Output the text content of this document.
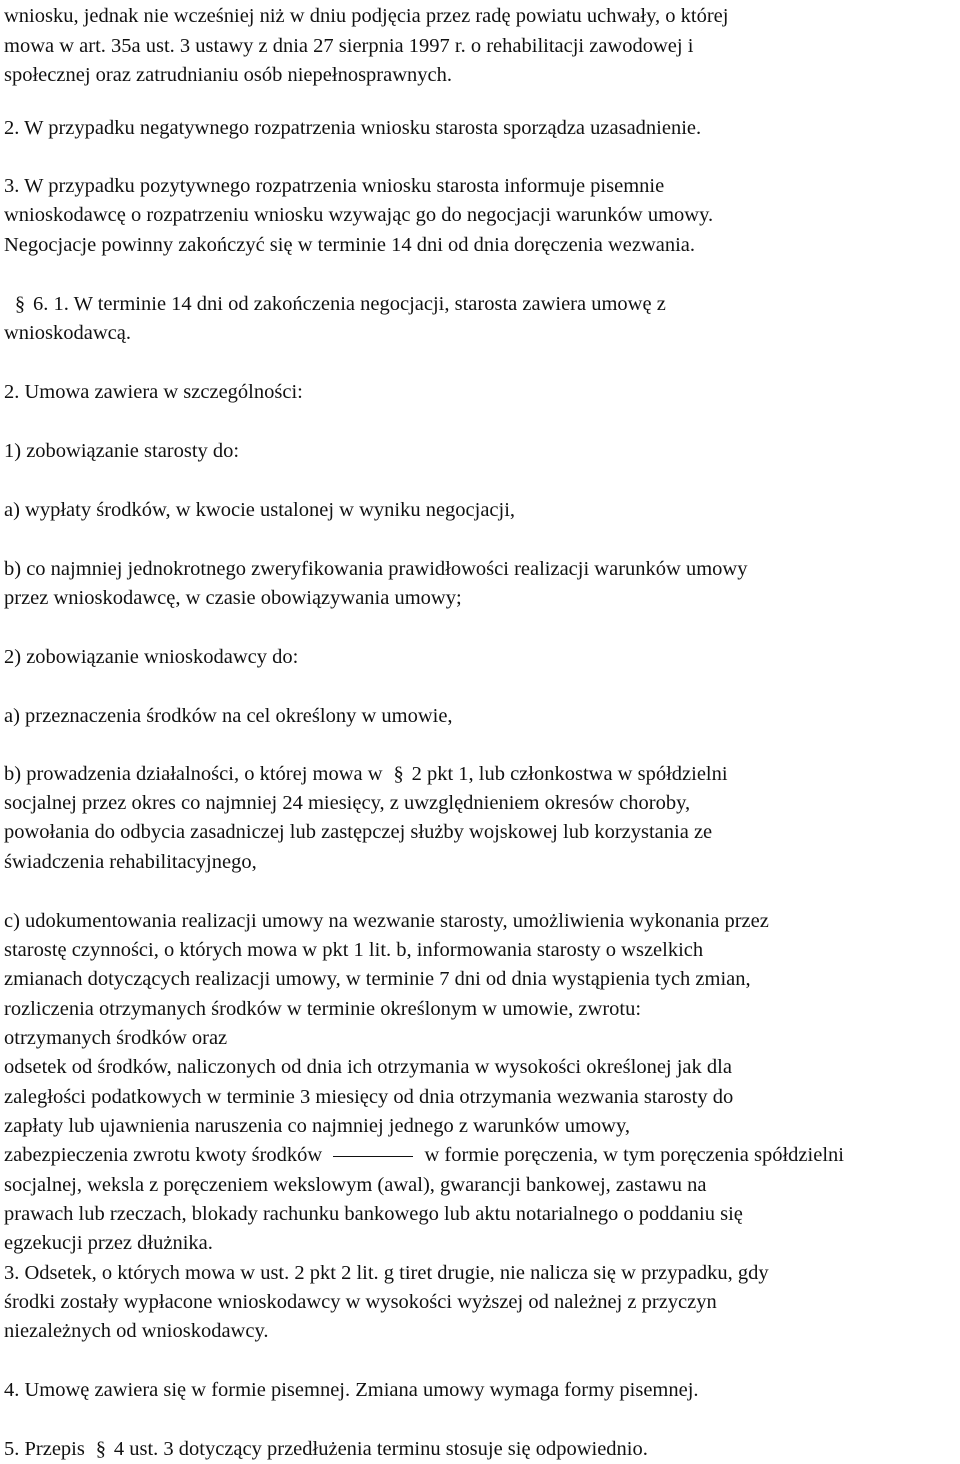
wniosku, jednak nie wcześniej niż w dniu podjęcia przez radę powiatu uchwały, o której
mowa w art. 35a ust. 3 ustawy z dnia 27 sierpnia 1997 r. o rehabilitacji zawodowej i
społecznej oraz zatrudnianiu osób niepełnosprawnych.
2. W przypadku negatywnego rozpatrzenia wniosku starosta sporządza uzasadnienie.
3. W przypadku pozytywnego rozpatrzenia wniosku starosta informuje pisemnie
wnioskodawcę o rozpatrzeniu wniosku wzywając go do negocjacji warunków umowy.
Negocjacje powinny zakończyć się w terminie 14 dni od dnia doręczenia wezwania.
§ 6. 1. W terminie 14 dni od zakończenia negocjacji, starosta zawiera umowę z
wnioskodawcą.
2. Umowa zawiera w szczególności:
1) zobowiązanie starosty do:
a) wypłaty środków, w kwocie ustalonej w wyniku negocjacji,
b) co najmniej jednokrotnego zweryfikowania prawidłowości realizacji warunków umowy
przez wnioskodawcę, w czasie obowiązywania umowy;
2) zobowiązanie wnioskodawcy do:
a) przeznaczenia środków na cel określony w umowie,
b) prowadzenia działalności, o której mowa w § 2 pkt 1, lub członkostwa w spółdzielni
socjalnej przez okres co najmniej 24 miesięcy, z uwzględnieniem okresów choroby,
powołania do odbycia zasadniczej lub zastępczej służby wojskowej lub korzystania ze
świadczenia rehabilitacyjnego,
c) udokumentowania realizacji umowy na wezwanie starosty, umożliwienia wykonania przez
starostę czynności, o których mowa w pkt 1 lit. b, informowania starosty o wszelkich
zmianach dotyczących realizacji umowy, w terminie 7 dni od dnia wystąpienia tych zmian,
rozliczenia otrzymanych środków w terminie określonym w umowie, zwrotu:
otrzymanych środków oraz
odsetek od środków, naliczonych od dnia ich otrzymania w wysokości określonej jak dla
zaległości podatkowych w terminie 3 miesięcy od dnia otrzymania wezwania starosty do
zapłaty lub ujawnienia naruszenia co najmniej jednego z warunków umowy,
zabezpieczenia zwrotu kwoty środków	w formie poręczenia, w tym poręczenia spółdzielni
socjalnej, weksla z poręczeniem wekslowym (awal), gwarancji bankowej, zastawu na
prawach lub rzeczach, blokady rachunku bankowego lub aktu notarialnego o poddaniu się
egzekucji przez dłużnika.
3. Odsetek, o których mowa w ust. 2 pkt 2 lit. g tiret drugie, nie nalicza się w przypadku, gdy
środki zostały wypłacone wnioskodawcy w wysokości wyższej od należnej z przyczyn
niezależnych od wnioskodawcy.
4. Umowę zawiera się w formie pisemnej. Zmiana umowy wymaga formy pisemnej.
5. Przepis § 4 ust. 3 dotyczący przedłużenia terminu stosuje się odpowiednio.
